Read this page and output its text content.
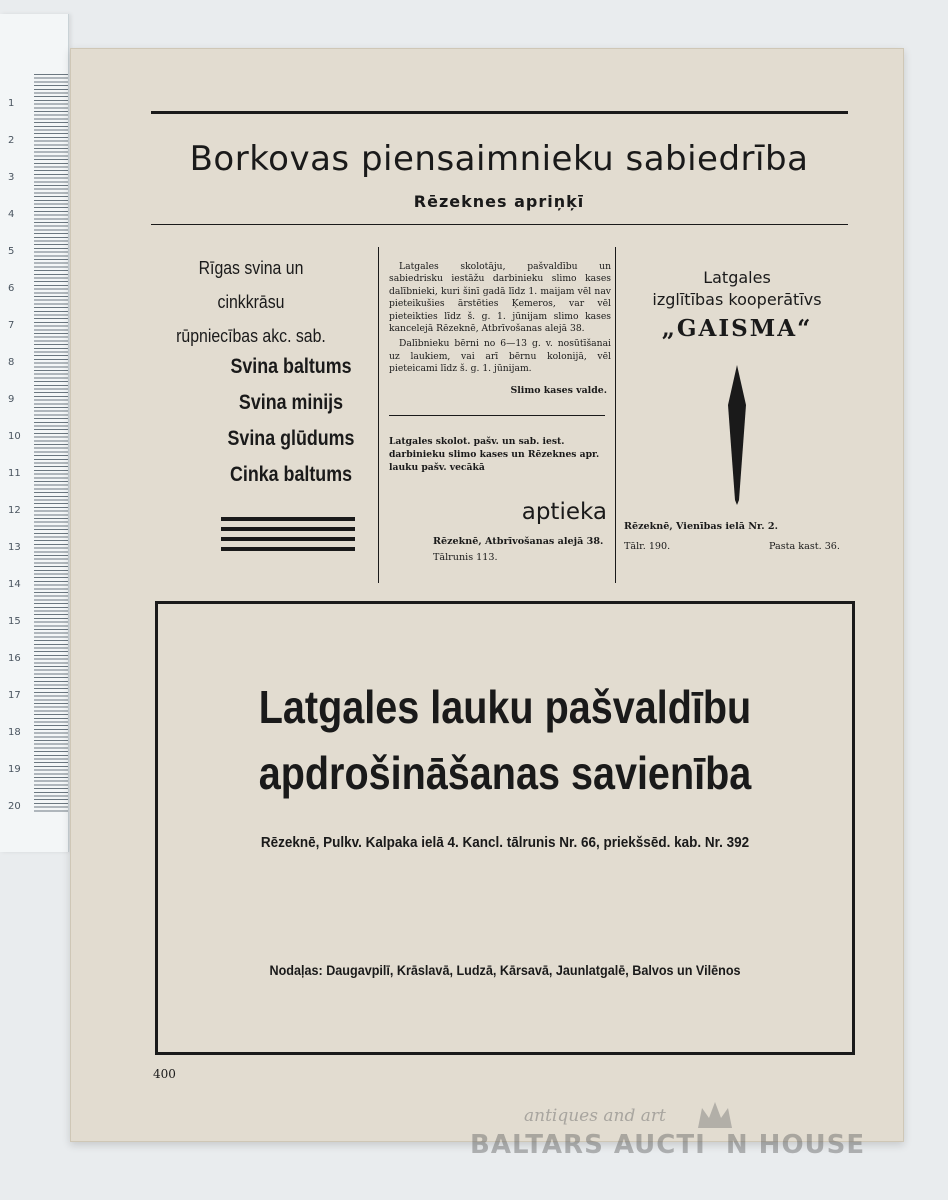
1
2
3
4
5
6
7
8
9
10
11
12
13
14
15
16
17
18
19
20
Borkovas piensaimnieku sabiedrība
Rēzeknes apriņķī
Rīgas svina un cinkkrāsu
rūpniecības akc. sab.
Svina baltums
Svina minijs
Svina glūdums
Cinka baltums

Latgales skolotāju, pašvaldību un sabiedrisku iestāžu darbinieku slimo kases dalībnieki, kuri šinī gadā līdz 1. maijam vēl nav pieteikušies ārstēties Ķemeros, var vēl pieteikties līdz š. g. 1. jūnijam slimo kases kancelejā Rēzeknē, Atbrīvošanas alejā 38.

Dalībnieku bērni no 6—13 g. v. nosūtīšanai uz laukiem, vai arī bērnu kolonijā, vēl pieteicami līdz š. g. 1. jūnijam.

Slimo kases valde.
Latgales skolot. pašv. un sab. iest. darbinieku slimo kases un Rēzeknes apr. lauku pašv. vecākā
aptieka
Rēzeknē, Atbrīvošanas alejā 38.
Tālrunis 113.
Latgales
izglītības kooperātīvs
„GAISMA“
Rēzeknē, Vienības ielā Nr. 2.
Tālr. 190.	Pasta kast. 36.
Latgales lauku pašvaldību
apdrošināšanas savienība
Rēzeknē, Pulkv. Kalpaka ielā 4. Kancl. tālrunis Nr. 66, priekšsēd. kab. Nr. 392
Nodaļas: Daugavpilī, Krāslavā, Ludzā, Kārsavā, Jaunlatgalē, Balvos un Vilēnos
400
antiques and art
BALTARS AUCTI  N HOUSE
